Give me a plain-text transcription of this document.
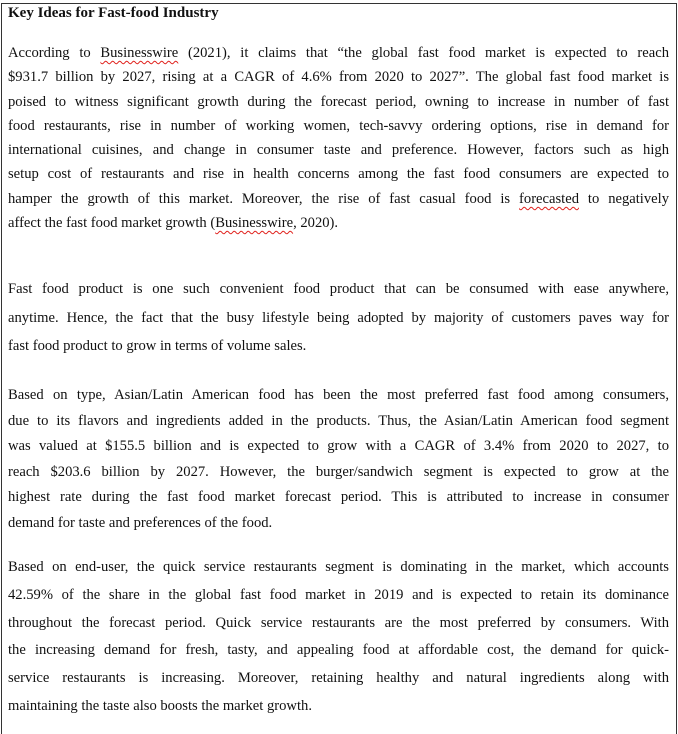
Key Ideas for Fast-food Industry
According to Businesswire (2021), it claims that “the global fast food market is expected to reach
$931.7 billion by 2027, rising at a CAGR of 4.6% from 2020 to 2027”. The global fast food market is
poised to witness significant growth during the forecast period, owning to increase in number of fast
food restaurants, rise in number of working women, tech-savvy ordering options, rise in demand for
international cuisines, and change in consumer taste and preference. However, factors such as high
setup cost of restaurants and rise in health concerns among the fast food consumers are expected to
hamper the growth of this market. Moreover, the rise of fast casual food is forecasted to negatively
affect the fast food market growth (Businesswire, 2020).
Fast food product is one such convenient food product that can be consumed with ease anywhere,
anytime. Hence, the fact that the busy lifestyle being adopted by majority of customers paves way for
fast food product to grow in terms of volume sales.
Based on type, Asian/Latin American food has been the most preferred fast food among consumers,
due to its flavors and ingredients added in the products. Thus, the Asian/Latin American food segment
was valued at $155.5 billion and is expected to grow with a CAGR of 3.4% from 2020 to 2027, to
reach $203.6 billion by 2027. However, the burger/sandwich segment is expected to grow at the
highest rate during the fast food market forecast period. This is attributed to increase in consumer
demand for taste and preferences of the food.
Based on end-user, the quick service restaurants segment is dominating in the market, which accounts
42.59% of the share in the global fast food market in 2019 and is expected to retain its dominance
throughout the forecast period. Quick service restaurants are the most preferred by consumers. With
the increasing demand for fresh, tasty, and appealing food at affordable cost, the demand for quick-
service restaurants is increasing. Moreover, retaining healthy and natural ingredients along with
maintaining the taste also boosts the market growth.
